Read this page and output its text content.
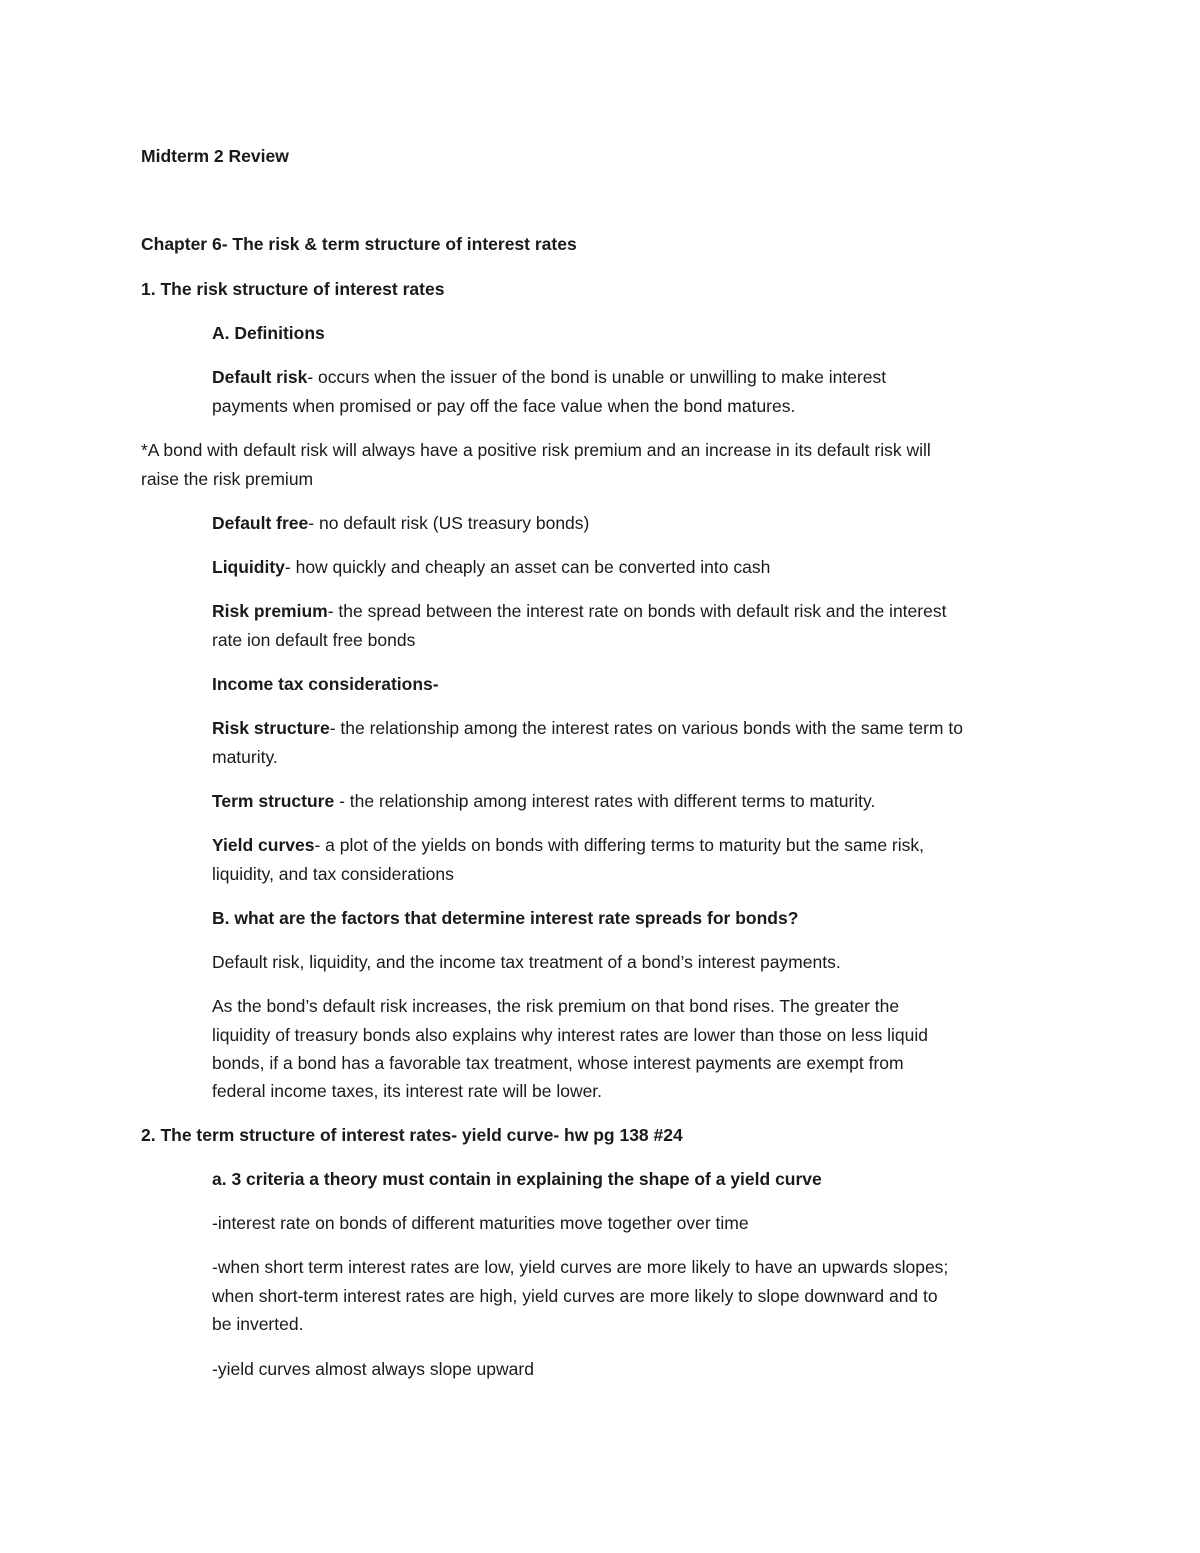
Midterm 2 Review

Chapter 6- The risk & term structure of interest rates

1. The risk structure of interest rates

A. Definitions

Default risk- occurs when the issuer of the bond is unable or unwilling to make interest

payments when promised or pay off the face value when the bond matures.

*A bond with default risk will always have a positive risk premium and an increase in its default risk will

raise the risk premium

Default free- no default risk (US treasury bonds)

Liquidity- how quickly and cheaply an asset can be converted into cash

Risk premium- the spread between the interest rate on bonds with default risk and the interest

rate ion default free bonds

Income tax considerations-

Risk structure- the relationship among the interest rates on various bonds with the same term to

maturity.

Term structure - the relationship among interest rates with different terms to maturity.

Yield curves- a plot of the yields on bonds with differing terms to maturity but the same risk,

liquidity, and tax considerations

B. what are the factors that determine interest rate spreads for bonds?

Default risk, liquidity, and the income tax treatment of a bond’s interest payments.

As the bond’s default risk increases, the risk premium on that bond rises. The greater the

liquidity of treasury bonds also explains why interest rates are lower than those on less liquid

bonds, if a bond has a favorable tax treatment, whose interest payments are exempt from

federal income taxes, its interest rate will be lower.

2. The term structure of interest rates- yield curve- hw pg 138 #24

a. 3 criteria a theory must contain in explaining the shape of a yield curve

-interest rate on bonds of different maturities move together over time

-when short term interest rates are low, yield curves are more likely to have an upwards slopes;

when short-term interest rates are high, yield curves are more likely to slope downward and to

be inverted.

-yield curves almost always slope upward
